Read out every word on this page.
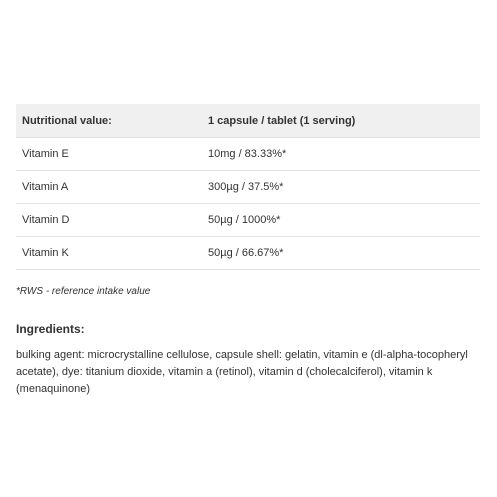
Nutritional value:	1 capsule / tablet (1 serving)
Vitamin E	10mg / 83.33%*
Vitamin A	300µg / 37.5%*
Vitamin D	50µg / 1000%*
Vitamin K	50µg / 66.67%*
*RWS - reference intake value
Ingredients:
bulking agent: microcrystalline cellulose, capsule shell: gelatin, vitamin e (dl-alpha-tocopheryl acetate), dye: titanium dioxide, vitamin a (retinol), vitamin d (cholecalciferol), vitamin k (menaquinone)
